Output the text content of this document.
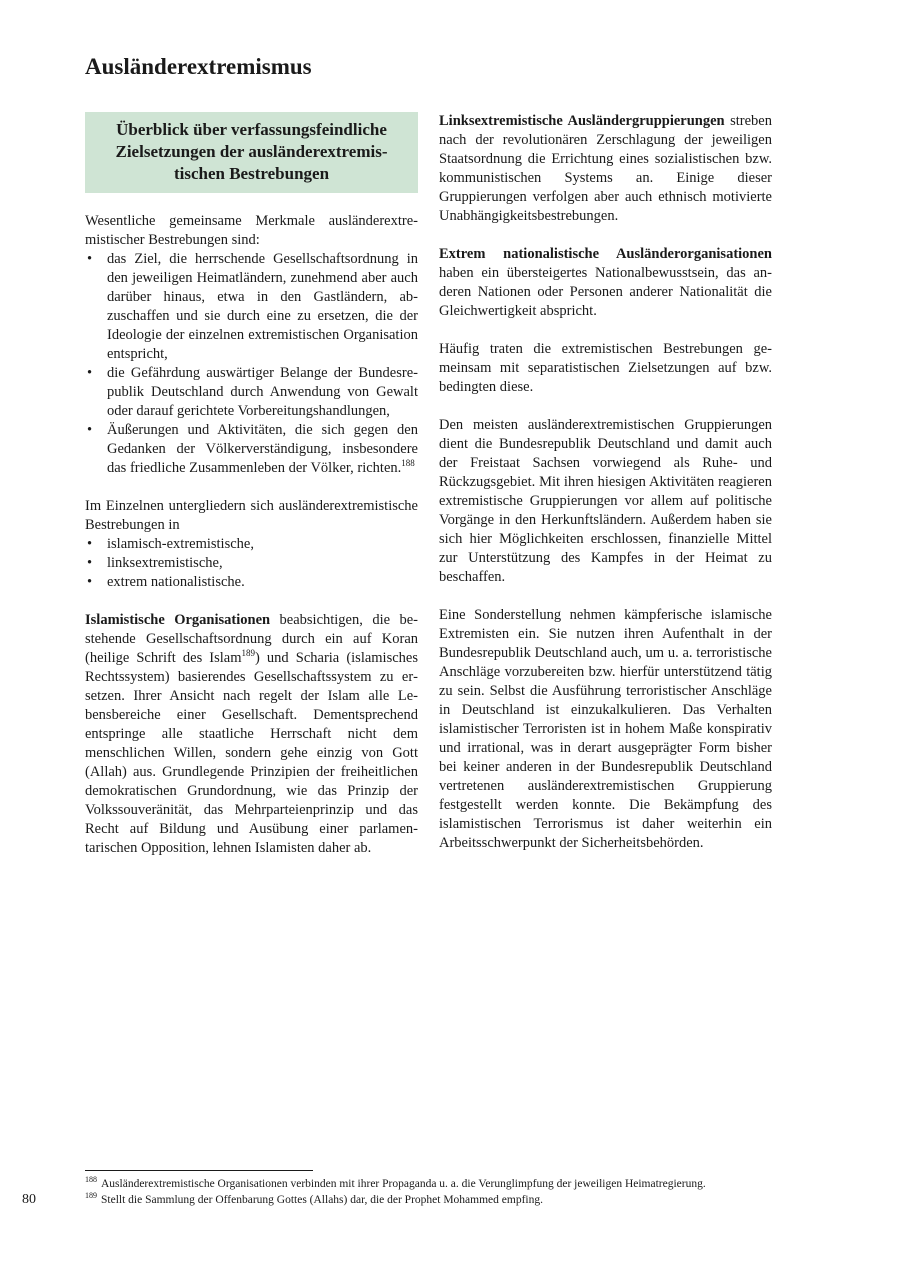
Ausländerextremismus
Überblick über verfassungsfeindliche Zielsetzungen der ausländerextremistischen Bestrebungen

Wesentliche gemeinsame Merkmale ausländerextremistischer Bestrebungen sind:

• das Ziel, die herrschende Gesellschaftsordnung in den jeweiligen Heimatländern, zunehmend aber auch darüber hinaus, etwa in den Gastländern, abzuschaffen und sie durch eine zu ersetzen, die der Ideologie der einzelnen extremistischen Organisation entspricht,
• die Gefährdung auswärtiger Belange der Bundesrepublik Deutschland durch Anwendung von Gewalt oder darauf gerichtete Vorbereitungshandlungen,
• Äußerungen und Aktivitäten, die sich gegen den Gedanken der Völkerverständigung, insbesondere das friedliche Zusammenleben der Völker, richten.$^{188}$

Im Einzelnen untergliedern sich ausländerextremistische Bestrebungen in

• islamisch-extremistische,
• linksextremistische,
• extrem nationalistische.

Islamistische Organisationen beabsichtigen, die bestehende Gesellschaftsordnung durch ein auf Koran (heilige Schrift des Islam$^{189}$) und Scharia (islamisches Rechtssystem) basierendes Gesellschaftssystem zu ersetzen. Ihrer Ansicht nach regelt der Islam alle Lebensbereiche einer Gesellschaft. Dementsprechend entspringe alle staatliche Herrschaft nicht dem menschlichen Willen, sondern gehe einzig von Gott (Allah) aus. Grundlegende Prinzipien der freiheitlichen demokratischen Grundordnung, wie das Prinzip der Volkssouveränität, das Mehrparteienprinzip und das Recht auf Bildung und Ausübung einer parlamentarischen Opposition, lehnen Islamisten daher ab.

Linksextremistische Ausländergruppierungen streben nach der revolutionären Zerschlagung der jeweiligen Staatsordnung die Errichtung eines sozialistischen bzw. kommunistischen Systems an. Einige dieser Gruppierungen verfolgen aber auch ethnisch motivierte Unabhängigkeitsbestrebungen.

Extrem nationalistische Ausländerorganisationen haben ein übersteigertes Nationalbewusstsein, das anderen Nationen oder Personen anderer Nationalität die Gleichwertigkeit abspricht.

Häufig traten die extremistischen Bestrebungen gemeinsam mit separatistischen Zielsetzungen auf bzw. bedingten diese.

Den meisten ausländerextremistischen Gruppierungen dient die Bundesrepublik Deutschland und damit auch der Freistaat Sachsen vorwiegend als Ruhe- und Rückzugsgebiet. Mit ihren hiesigen Aktivitäten reagieren extremistische Gruppierungen vor allem auf politische Vorgänge in den Herkunftsländern. Außerdem haben sie sich hier Möglichkeiten erschlossen, finanzielle Mittel zur Unterstützung des Kampfes in der Heimat zu beschaffen.

Eine Sonderstellung nehmen kämpferische islamische Extremisten ein. Sie nutzen ihren Aufenthalt in der Bundesrepublik Deutschland auch, um u. a. terroristische Anschläge vorzubereiten bzw. hierfür unterstützend tätig zu sein. Selbst die Ausführung terroristischer Anschläge in Deutschland ist einzukalkulieren. Das Verhalten islamistischer Terroristen ist in hohem Maße konspirativ und irrational, was in derart ausgeprägter Form bisher bei keiner anderen in der Bundesrepublik Deutschland vertretenen ausländerextremistischen Gruppierung festgestellt werden konnte. Die Bekämpfung des islamistischen Terrorismus ist daher weiterhin ein Arbeitsschwerpunkt der Sicherheitsbehörden.

$^{188}$ Ausländerextremistische Organisationen verbinden mit ihrer Propaganda u. a. die Verunglimpfung der jeweiligen Heimatregierung.
$^{189}$ Stellt die Sammlung der Offenbarung Gottes (Allahs) dar, die der Prophet Mohammed empfing.
80
